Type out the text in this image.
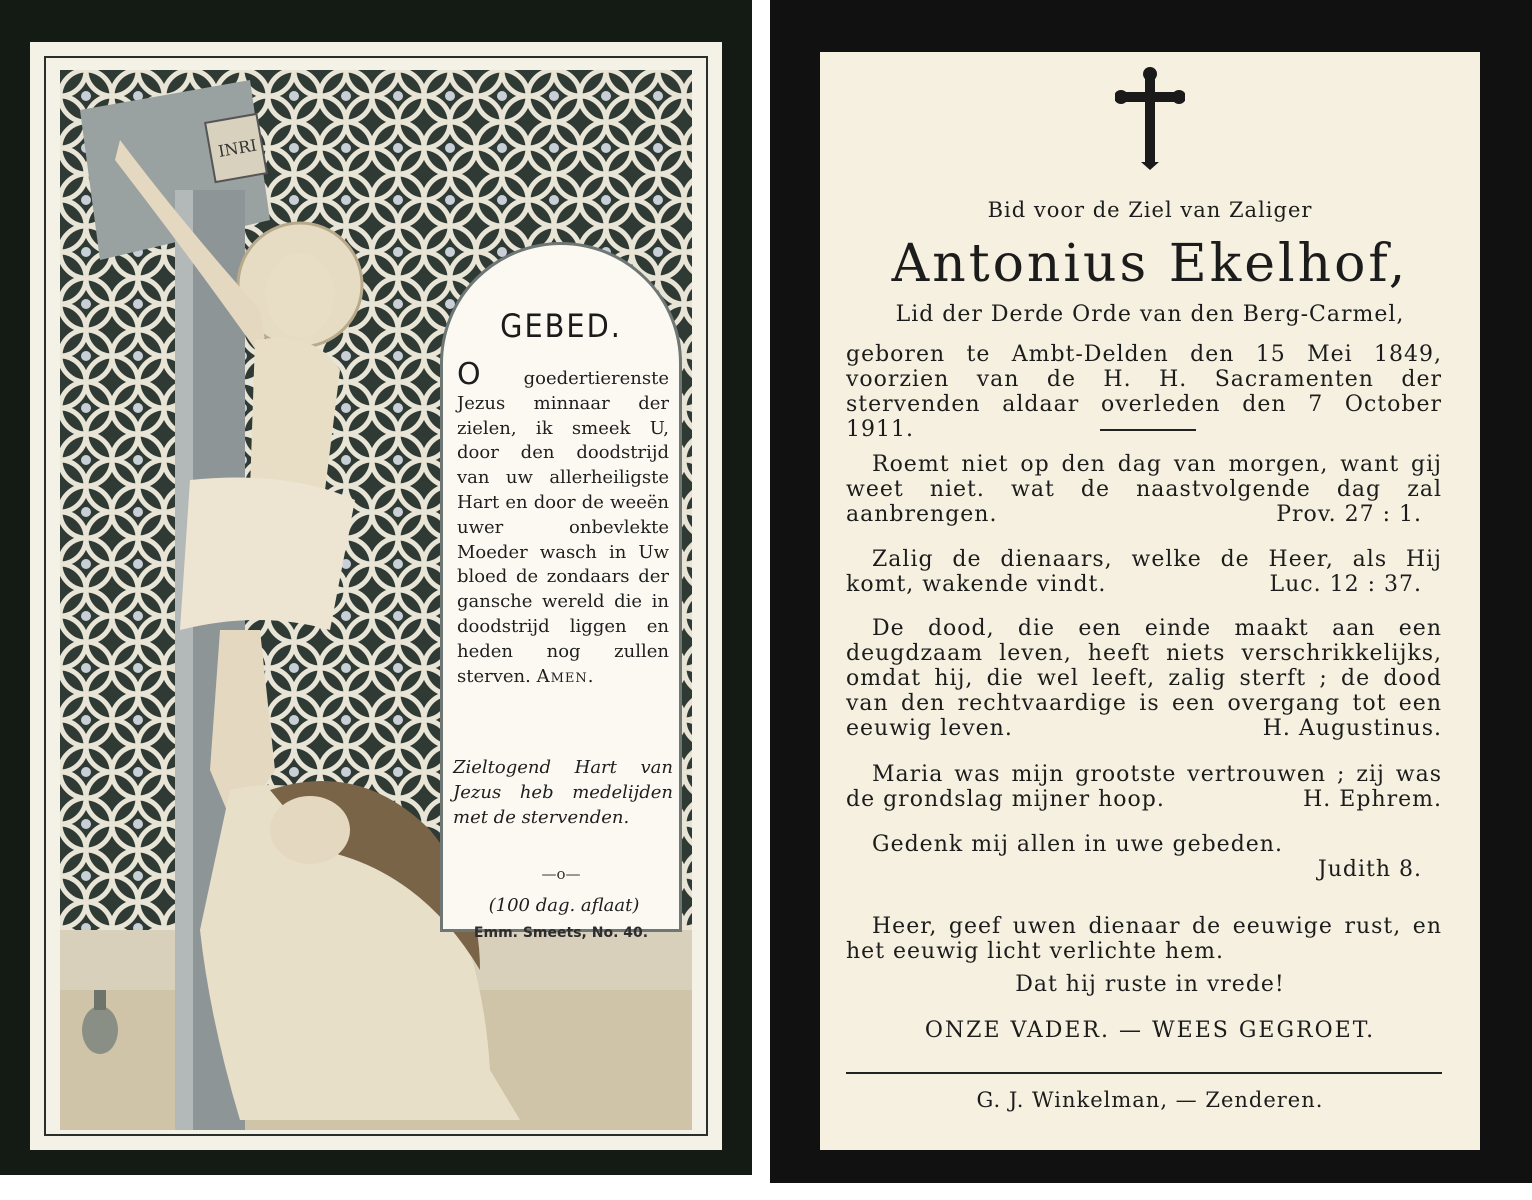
INRI
GEBED.
O goedertierenste Jezus minnaar der zielen, ik smeek U, door den doodstrijd van uw allerheiligste Hart en door de weeën uwer onbevlekte Moeder wasch in Uw bloed de zondaars der gansche wereld die in doodstrijd liggen en heden nog zullen sterven. Amen.
Zieltogend Hart van Jezus heb medelijden met de stervenden.
—o—
(100 dag. aflaat)
Emm. Smeets, No. 40.
Bid voor de Ziel van Zaliger
Antonius Ekelhof,
Lid der Derde Orde van den Berg-Carmel,
geboren te Ambt-Delden den 15 Mei 1849, voorzien van de H. H. Sacramenten der stervenden aldaar overleden den 7 October 1911.
Roemt niet op den dag van morgen, want gij weet niet. wat de naastvolgende dag zal aanbrengen.	Prov. 27 : 1.
Zalig de dienaars, welke de Heer, als Hij komt, wakende vindt.	Luc. 12 : 37.
De dood, die een einde maakt aan een deugdzaam leven, heeft niets verschrikkelijks, omdat hij, die wel leeft, zalig sterft ; de dood van den rechtvaardige is een overgang tot een eeuwig leven.	H. Augustinus.
Maria was mijn grootste vertrouwen ; zij was de grondslag mijner hoop.	H. Ephrem.
Gedenk mij allen in uwe gebeden.
Judith 8.
Heer, geef uwen dienaar de eeuwige rust, en het eeuwig licht verlichte hem.
Dat hij ruste in vrede!
ONZE VADER. — WEES GEGROET.
G. J. Winkelman, — Zenderen.
